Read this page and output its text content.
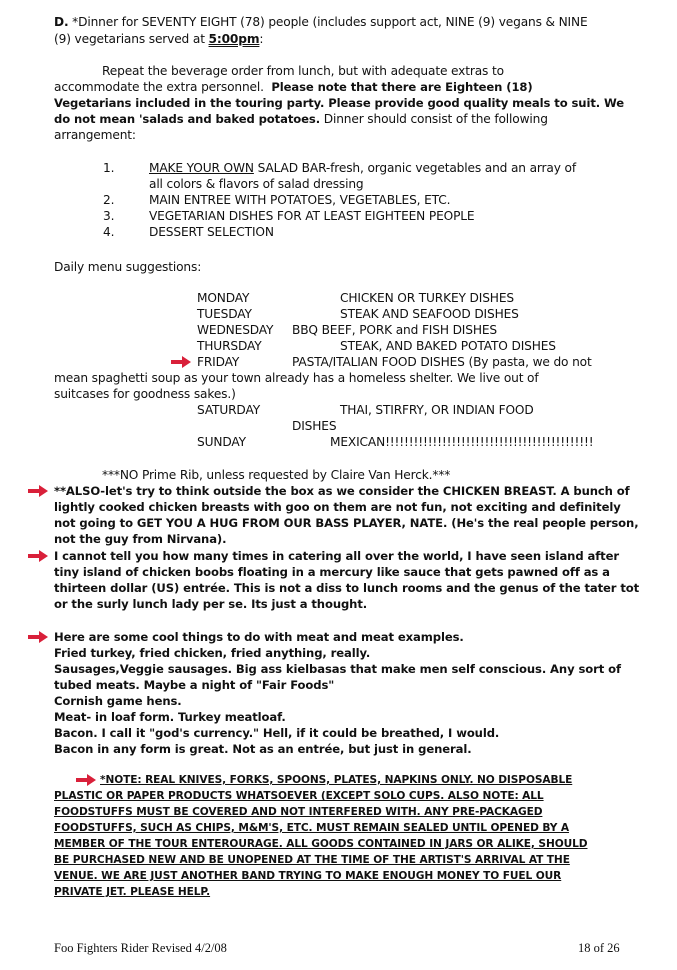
D. *Dinner for SEVENTY EIGHT (78) people (includes support act, NINE (9) vegans & NINE
(9) vegetarians served at 5:00pm:
Repeat the beverage order from lunch, but with adequate extras to
accommodate the extra personnel. Please note that there are Eighteen (18)
Vegetarians included in the touring party. Please provide good quality meals to suit. We
do not mean 'salads and baked potatoes. Dinner should consist of the following
arrangement:
1.	MAKE YOUR OWN SALAD BAR-fresh, organic vegetables and an array of
all colors & flavors of salad dressing
2.	MAIN ENTREE WITH POTATOES, VEGETABLES, ETC.
3.	VEGETARIAN DISHES FOR AT LEAST EIGHTEEN PEOPLE
4.	DESSERT SELECTION
Daily menu suggestions:
MONDAY	CHICKEN OR TURKEY DISHES
TUESDAY	STEAK AND SEAFOOD DISHES
WEDNESDAY BBQ BEEF, PORK and FISH DISHES
THURSDAY	STEAK, AND BAKED POTATO DISHES
FRIDAY	PASTA/ITALIAN FOOD DISHES (By pasta, we do not
mean spaghetti soup as your town already has a homeless shelter. We live out of
suitcases for goodness sakes.)
SATURDAY	THAI, STIRFRY, OR INDIAN FOOD
DISHES
SUNDAY	MEXICAN!!!!!!!!!!!!!!!!!!!!!!!!!!!!!!!!!!!!!!!!!!!!
***NO Prime Rib, unless requested by Claire Van Herck.***
**ALSO-let's try to think outside the box as we consider the CHICKEN BREAST. A bunch of
lightly cooked chicken breasts with goo on them are not fun, not exciting and definitely
not going to GET YOU A HUG FROM OUR BASS PLAYER, NATE. (He's the real people person,
not the guy from Nirvana).
I cannot tell you how many times in catering all over the world, I have seen island after
tiny island of chicken boobs floating in a mercury like sauce that gets pawned off as a
thirteen dollar (US) entrée. This is not a diss to lunch rooms and the genus of the tater tot
or the surly lunch lady per se. Its just a thought.
Here are some cool things to do with meat and meat examples.
Fried turkey, fried chicken, fried anything, really.
Sausages,Veggie sausages. Big ass kielbasas that make men self conscious. Any sort of
tubed meats. Maybe a night of "Fair Foods"
Cornish game hens.
Meat- in loaf form. Turkey meatloaf.
Bacon. I call it "god's currency." Hell, if it could be breathed, I would.
Bacon in any form is great. Not as an entrée, but just in general.
*NOTE: REAL KNIVES, FORKS, SPOONS, PLATES, NAPKINS ONLY. NO DISPOSABLE
PLASTIC OR PAPER PRODUCTS WHATSOEVER (EXCEPT SOLO CUPS. ALSO NOTE: ALL
FOODSTUFFS MUST BE COVERED AND NOT INTERFERED WITH. ANY PRE-PACKAGED
FOODSTUFFS, SUCH AS CHIPS, M&M'S, ETC. MUST REMAIN SEALED UNTIL OPENED BY A
MEMBER OF THE TOUR ENTEROURAGE. ALL GOODS CONTAINED IN JARS OR ALIKE, SHOULD
BE PURCHASED NEW AND BE UNOPENED AT THE TIME OF THE ARTIST'S ARRIVAL AT THE
VENUE. WE ARE JUST ANOTHER BAND TRYING TO MAKE ENOUGH MONEY TO FUEL OUR
PRIVATE JET. PLEASE HELP.
Foo Fighters Rider Revised 4/2/08	18 of 26
